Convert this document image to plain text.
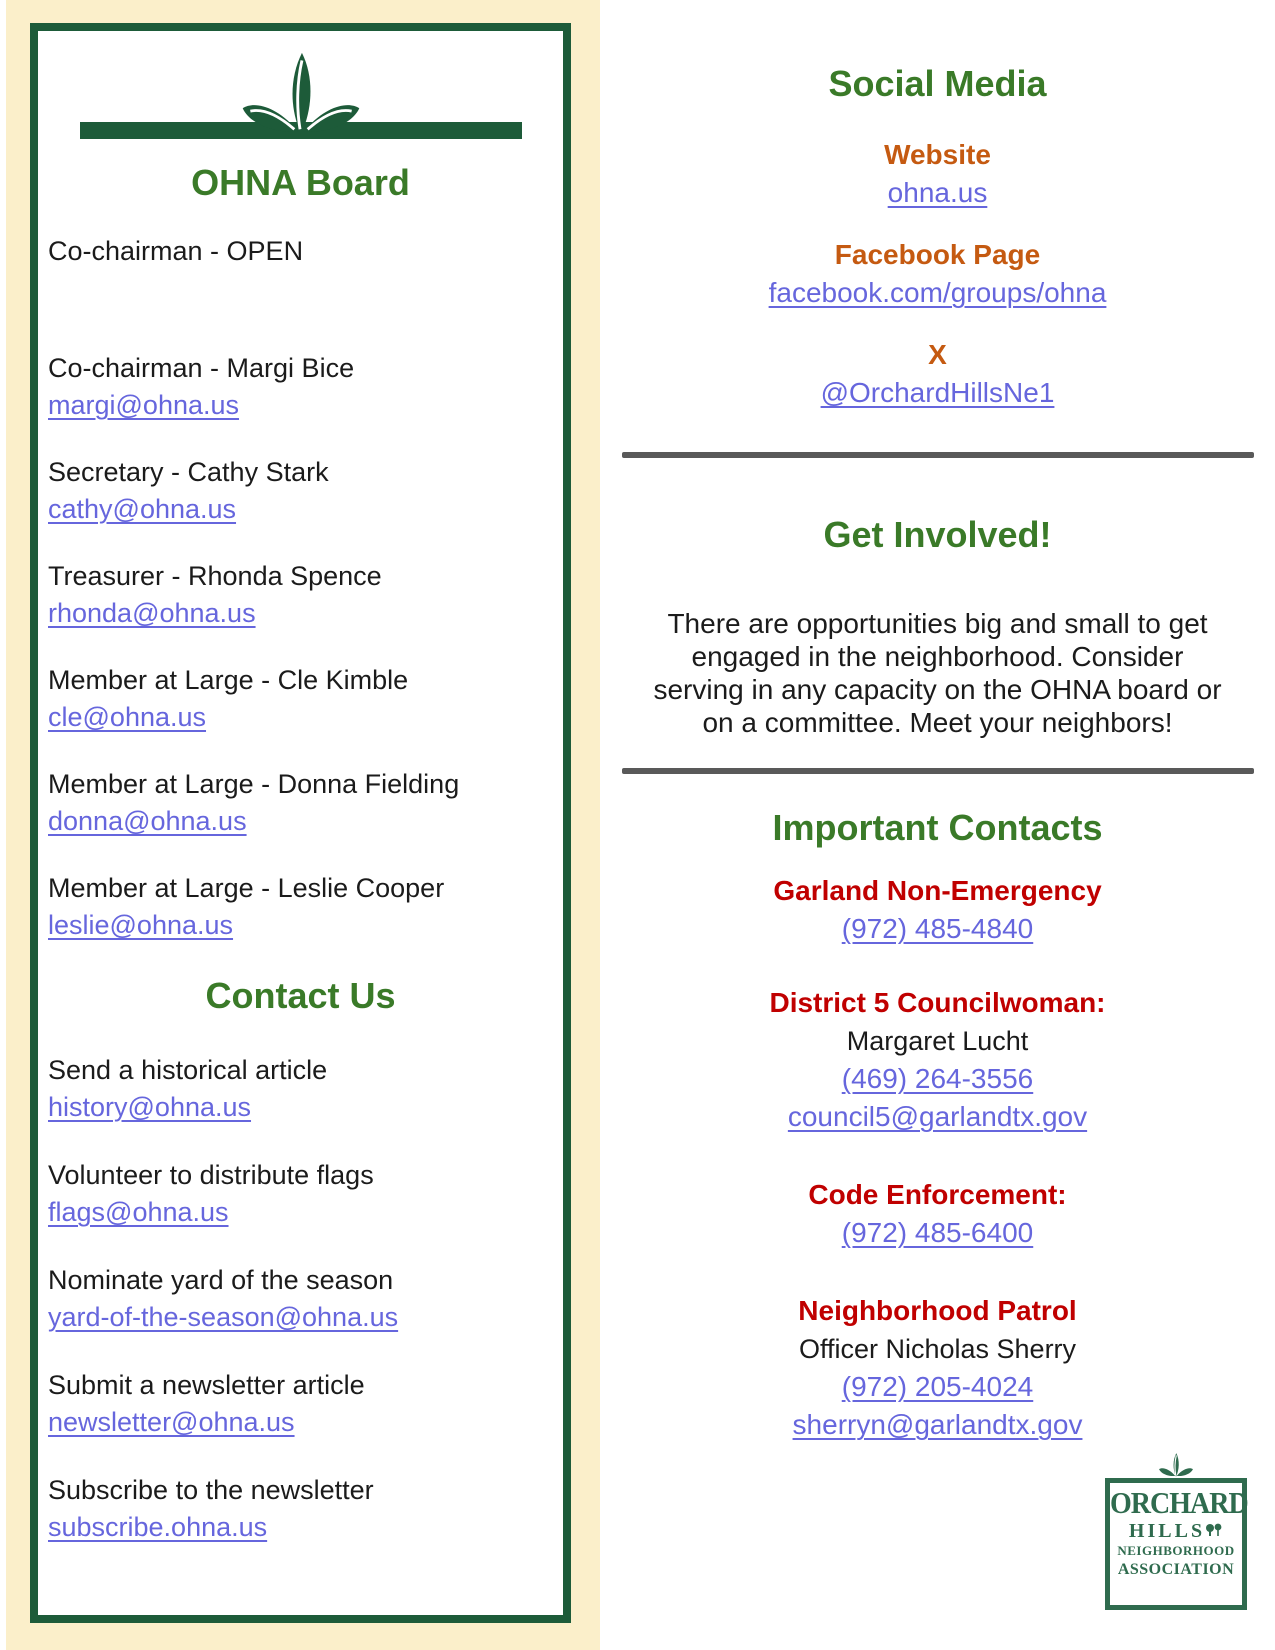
OHNA Board
Co-chairman - OPEN
Co-chairman - Margi Bice
margi@ohna.us
Secretary - Cathy Stark
cathy@ohna.us
Treasurer - Rhonda Spence
rhonda@ohna.us
Member at Large - Cle Kimble
cle@ohna.us
Member at Large - Donna Fielding
donna@ohna.us
Member at Large - Leslie Cooper
leslie@ohna.us
Contact Us
Send a historical article
history@ohna.us
Volunteer to distribute flags
flags@ohna.us
Nominate yard of the season
yard-of-the-season@ohna.us
Submit a newsletter article
newsletter@ohna.us
Subscribe to the newsletter
subscribe.ohna.us
Social Media
Website
ohna.us
Facebook Page
facebook.com/groups/ohna
X
@OrchardHillsNe1
Get Involved!

There are opportunities big and small to get engaged in the neighborhood. Consider serving in any capacity on the OHNA board or on a committee. Meet your neighbors!

Important Contacts
Garland Non-Emergency
(972) 485-4840
District 5 Councilwoman:
Margaret Lucht
(469) 264-3556
council5@garlandtx.gov
Code Enforcement:
(972) 485-6400
Neighborhood Patrol
Officer Nicholas Sherry
(972) 205-4024
sherryn@garlandtx.gov
ORCHARD
HILLS
NEIGHBORHOOD
ASSOCIATION
